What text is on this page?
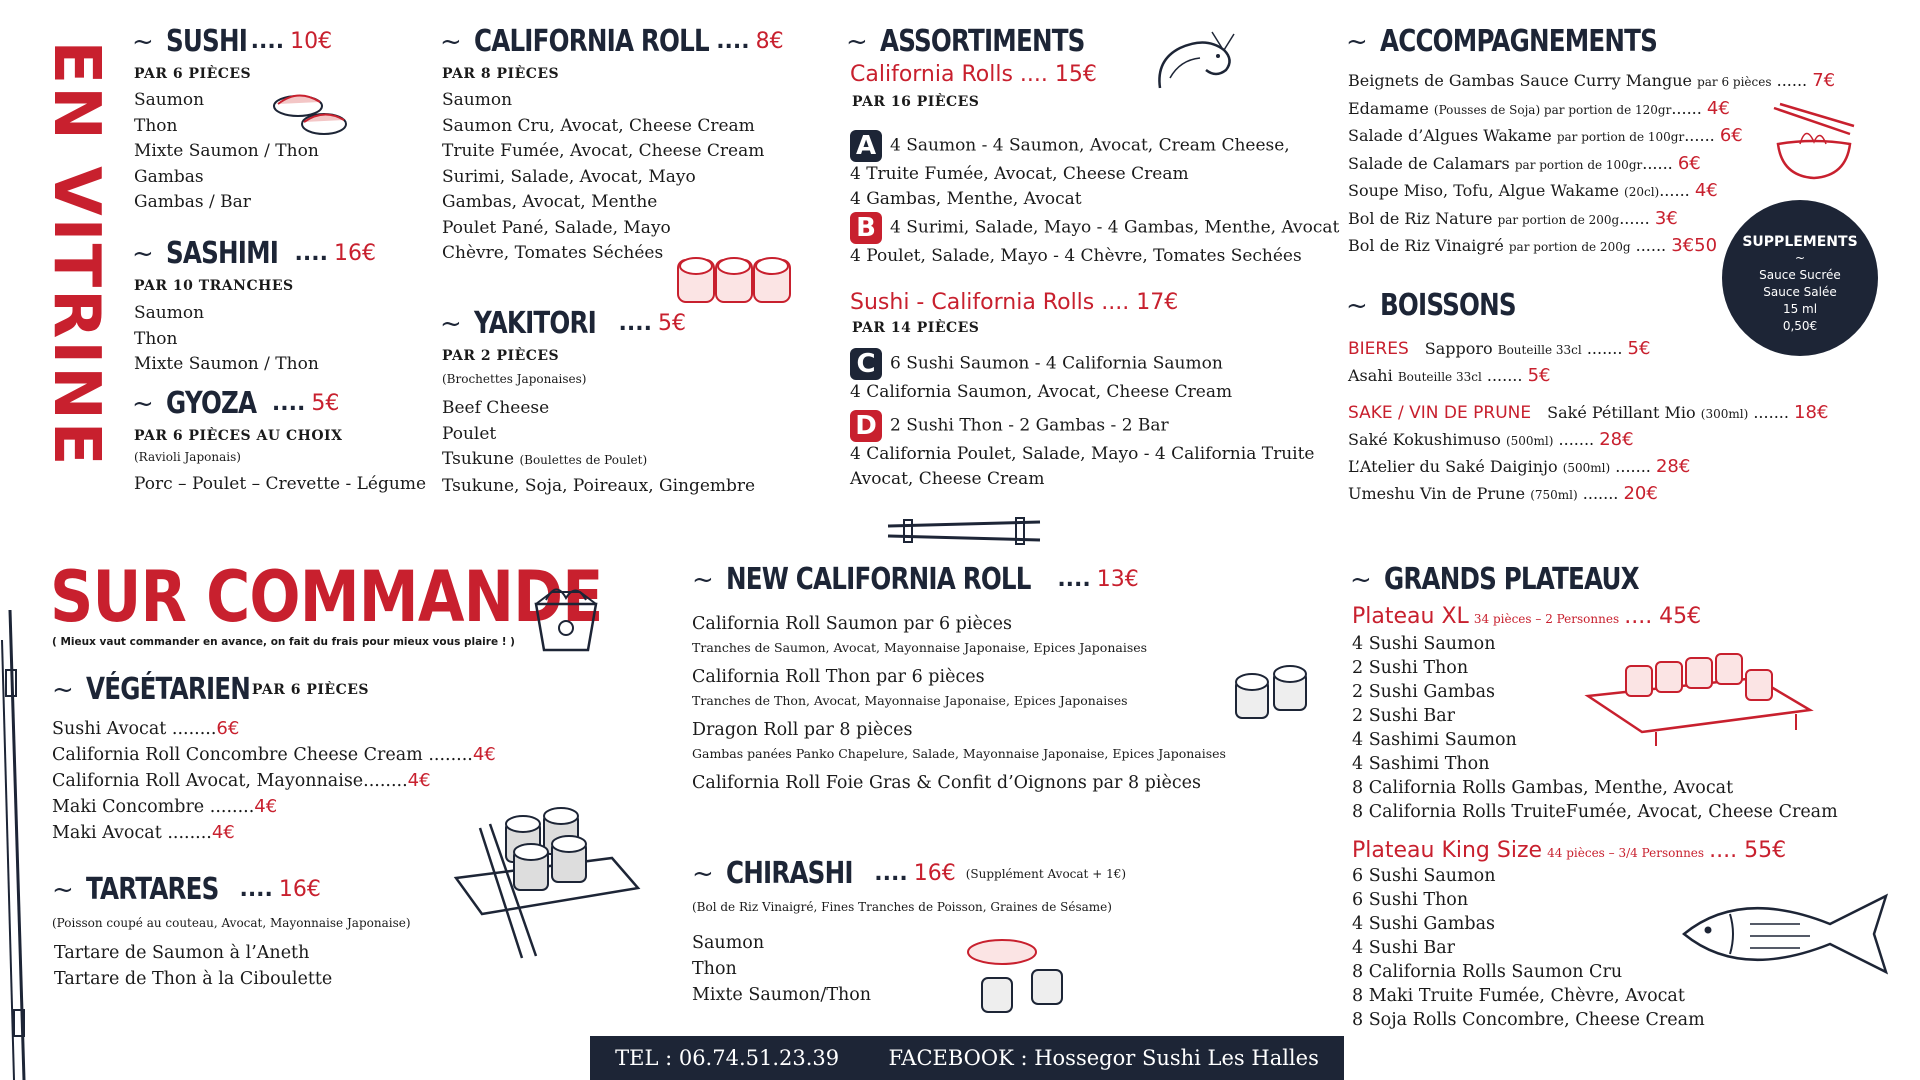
EN VITRINE ~ SUSHI .... 10€
PAR 6 PIÈCES
Saumon
Thon
Mixte Saumon / Thon
Gambas
Gambas / Bar
~ SASHIMI .... 16€
PAR 10 TRANCHES
Saumon
Thon
Mixte Saumon / Thon
~ GYOZA .... 5€
PAR 6 PIÈCES AU CHOIX
(Ravioli Japonais)
Porc – Poulet – Crevette - Légume
~ CALIFORNIA ROLL .... 8€
PAR 8 PIÈCES
Saumon
Saumon Cru, Avocat, Cheese Cream
Truite Fumée, Avocat, Cheese Cream
Surimi, Salade, Avocat, Mayo
Gambas, Avocat, Menthe
Poulet Pané, Salade, Mayo
Chèvre, Tomates Séchées
~ YAKITORI .... 5€
PAR 2 PIÈCES
(Brochettes Japonaises)
Beef Cheese
Poulet
Tsukune (Boulettes de Poulet)
Tsukune, Soja, Poireaux, Gingembre
~ ASSORTIMENTS
California Rolls .... 15€
PAR 16 PIÈCES
A 4 Saumon - 4 Saumon, Avocat, Cream Cheese,
4 Truite Fumée, Avocat, Cheese Cream
4 Gambas, Menthe, Avocat
B 4 Surimi, Salade, Mayo - 4 Gambas, Menthe, Avocat
4 Poulet, Salade, Mayo - 4 Chèvre, Tomates Sechées
Sushi - California Rolls .... 17€
PAR 14 PIÈCES
C 6 Sushi Saumon - 4 California Saumon
4 California Saumon, Avocat, Cheese Cream
D 2 Sushi Thon - 2 Gambas - 2 Bar
4 California Poulet, Salade, Mayo - 4 California Truite
Avocat, Cheese Cream
~ ACCOMPAGNEMENTS
Beignets de Gambas Sauce Curry Mangue par 6 pièces ...... 7€
Edamame (Pousses de Soja) par portion de 120gr...... 4€
Salade d’Algues Wakame par portion de 100gr...... 6€
Salade de Calamars par portion de 100gr...... 6€
Soupe Miso, Tofu, Algue Wakame (20cl)...... 4€
Bol de Riz Nature par portion de 200g...... 3€
Bol de Riz Vinaigré par portion de 200g ...... 3€50	SUPPLEMENTS
~
Sauce Sucrée
Sauce Salée
15 ml
0,50€
~ BOISSONS
BIERES Sapporo Bouteille 33cl ....... 5€
Asahi Bouteille 33cl ....... 5€
SAKE / VIN DE PRUNE Saké Pétillant Mio (300ml) ....... 18€
Saké Kokushimuso (500ml) ....... 28€
L’Atelier du Saké Daiginjo (500ml) ....... 28€
Umeshu Vin de Prune (750ml) ....... 20€
SUR COMMANDE
( Mieux vaut commander en avance, on fait du frais pour mieux vous plaire ! )
~ VÉGÉTARIEN PAR 6 PIÈCES
Sushi Avocat ........6€
California Roll Concombre Cheese Cream ........4€
California Roll Avocat, Mayonnaise........4€
Maki Concombre ........4€
Maki Avocat ........4€
~ TARTARES .... 16€
(Poisson coupé au couteau, Avocat, Mayonnaise Japonaise)
Tartare de Saumon à l’Aneth
Tartare de Thon à la Ciboulette
~ NEW CALIFORNIA ROLL .... 13€
California Roll Saumon par 6 pièces
Tranches de Saumon, Avocat, Mayonnaise Japonaise, Epices Japonaises
California Roll Thon par 6 pièces
Tranches de Thon, Avocat, Mayonnaise Japonaise, Epices Japonaises
Dragon Roll par 8 pièces
Gambas panées Panko Chapelure, Salade, Mayonnaise Japonaise, Epices Japonaises
California Roll Foie Gras & Confit d’Oignons par 8 pièces
~ CHIRASHI .... 16€ (Supplément Avocat + 1€)
(Bol de Riz Vinaigré, Fines Tranches de Poisson, Graines de Sésame)
Saumon
Thon
Mixte Saumon/Thon
~ GRANDS PLATEAUX
Plateau XL 34 pièces – 2 Personnes .... 45€
4 Sushi Saumon
2 Sushi Thon
2 Sushi Gambas
2 Sushi Bar
4 Sashimi Saumon
4 Sashimi Thon
8 California Rolls Gambas, Menthe, Avocat
8 California Rolls TruiteFumée, Avocat, Cheese Cream
Plateau King Size 44 pièces – 3/4 Personnes .... 55€
6 Sushi Saumon
6 Sushi Thon
4 Sushi Gambas
4 Sushi Bar
8 California Rolls Saumon Cru
8 Maki Truite Fumée, Chèvre, Avocat
8 Soja Rolls Concombre, Cheese Cream
TEL : 06.74.51.23.39 FACEBOOK : Hossegor Sushi Les Halles
